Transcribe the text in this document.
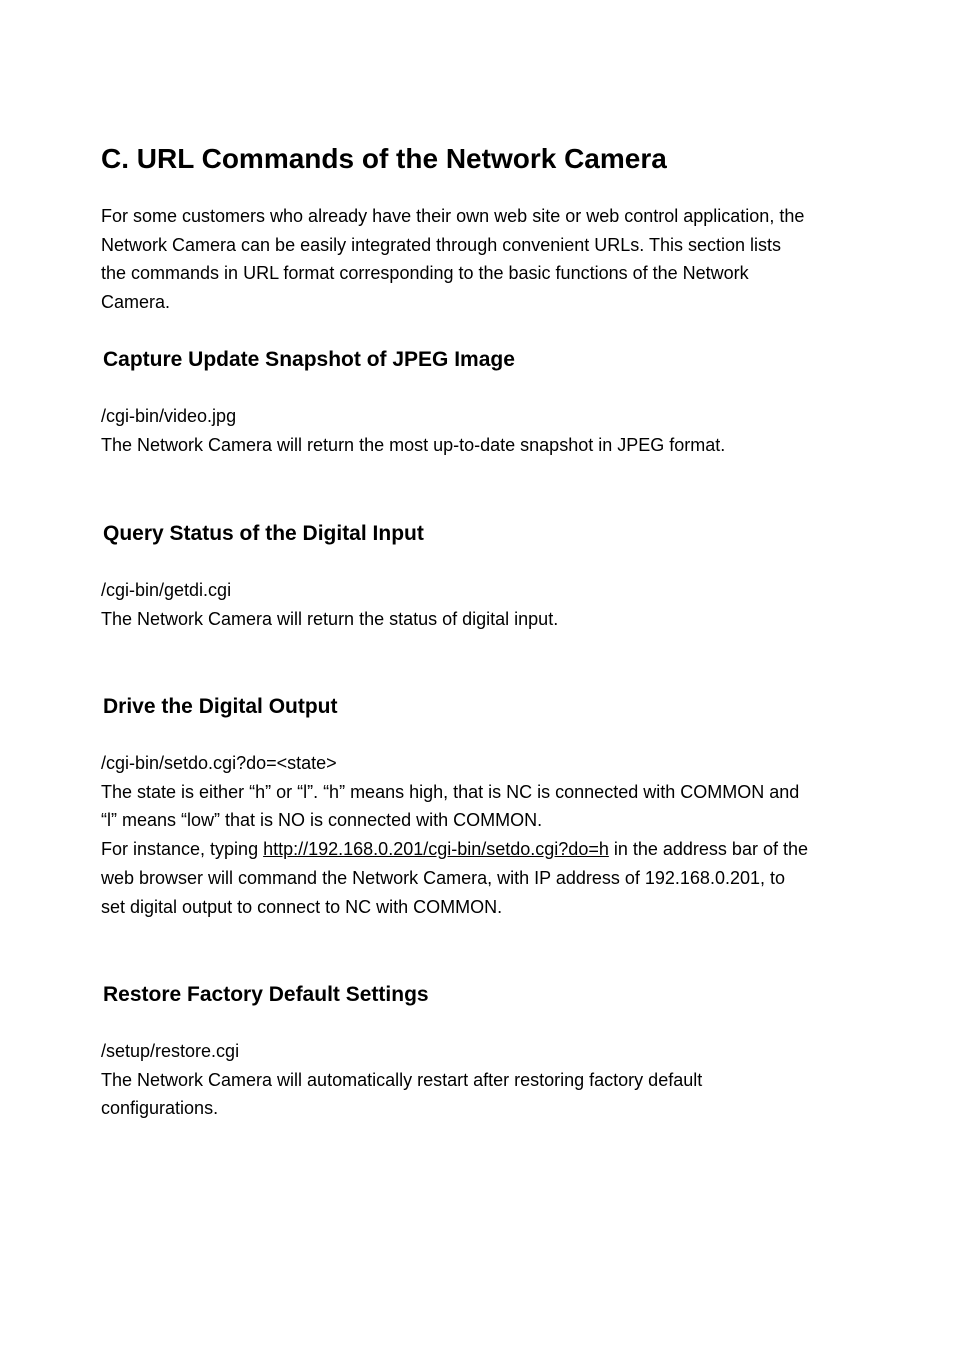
C. URL Commands of the Network Camera

For some customers who already have their own web site or web control application, the
Network Camera can be easily integrated through convenient URLs. This section lists
the commands in URL format corresponding to the basic functions of the Network
Camera.

Capture Update Snapshot of JPEG Image

/cgi-bin/video.jpg
The Network Camera will return the most up-to-date snapshot in JPEG format.

Query Status of the Digital Input

/cgi-bin/getdi.cgi
The Network Camera will return the status of digital input.

Drive the Digital Output

/cgi-bin/setdo.cgi?do=<state>
The state is either “h” or “l”. “h” means high, that is NC is connected with COMMON and
“l” means “low” that is NO is connected with COMMON.
For instance, typing http://192.168.0.201/cgi-bin/setdo.cgi?do=h in the address bar of the
web browser will command the Network Camera, with IP address of 192.168.0.201, to
set digital output to connect to NC with COMMON.

Restore Factory Default Settings

/setup/restore.cgi
The Network Camera will automatically restart after restoring factory default
configurations.
